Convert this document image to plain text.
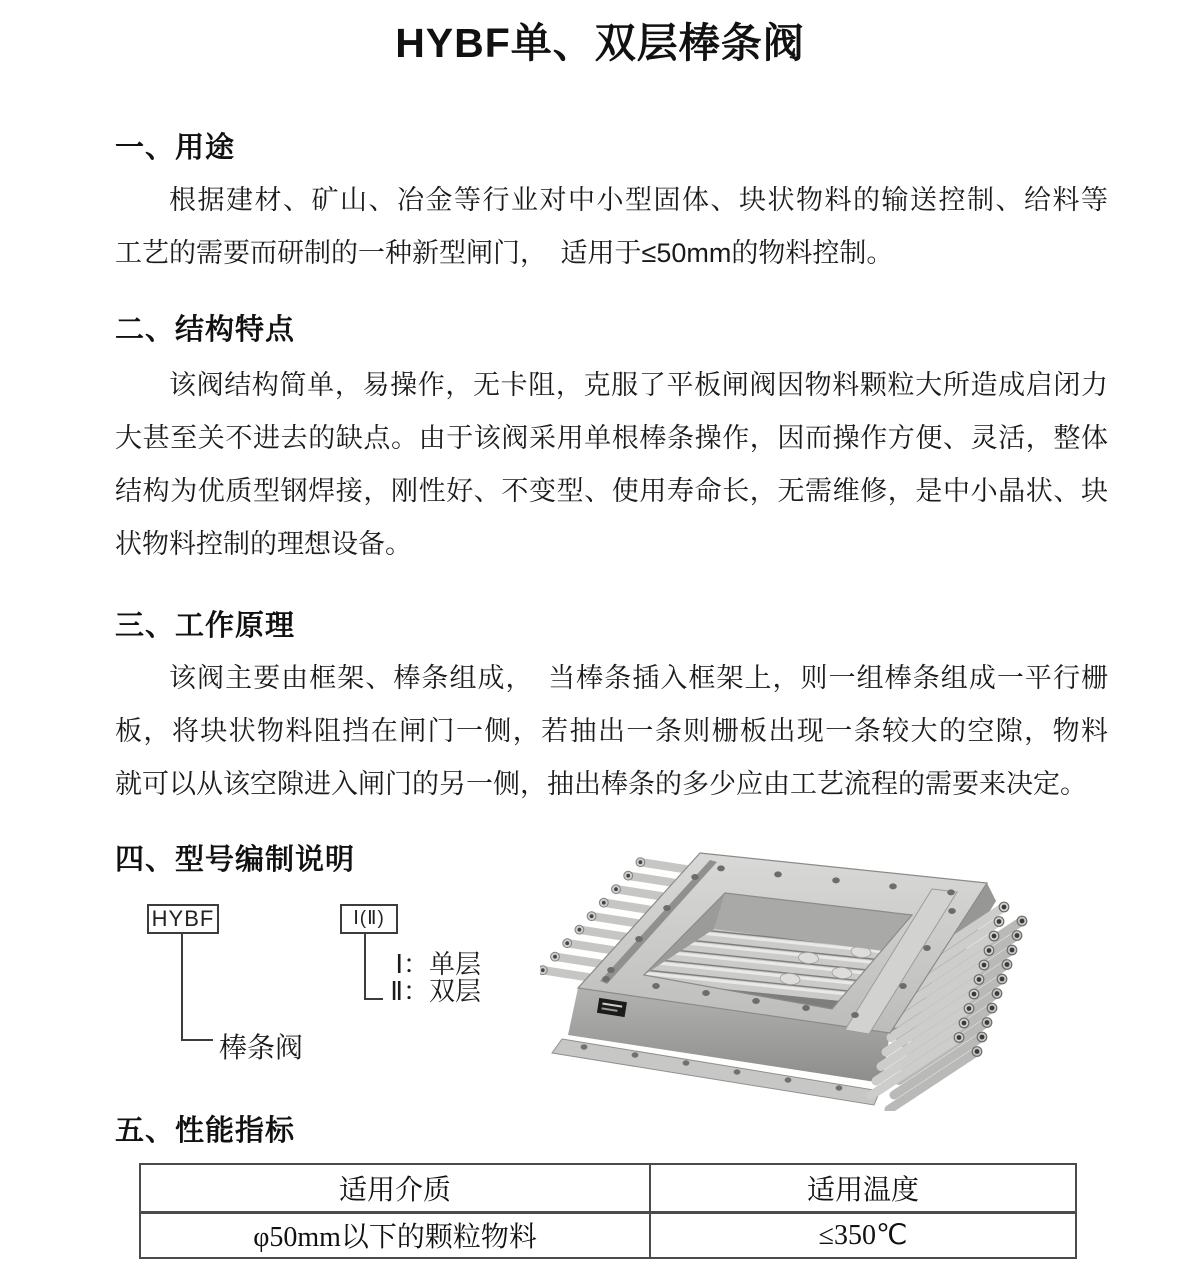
HYBF单、双层棒条阀
一、用途
根据建材、矿山、冶金等行业对中小型固体、块状物料的输送控制、给料等
工艺的需要而研制的一种新型闸门，　适用于≤50mm的物料控制。
二、结构特点
该阀结构简单，易操作，无卡阻，克服了平板闸阀因物料颗粒大所造成启闭力
大甚至关不进去的缺点。由于该阀采用单根棒条操作，因而操作方便、灵活，整体
结构为优质型钢焊接，刚性好、不变型、使用寿命长，无需维修，是中小晶状、块
状物料控制的理想设备。
三、工作原理
该阀主要由框架、棒条组成，　当棒条插入框架上，则一组棒条组成一平行栅
板，将块状物料阻挡在闸门一侧，若抽出一条则栅板出现一条较大的空隙，物料
就可以从该空隙进入闸门的另一侧，抽出棒条的多少应由工艺流程的需要来决定。
四、型号编制说明
HYBF
棒条阀
Ⅰ(Ⅱ)
Ⅰ：单层
Ⅱ：双层
五、性能指标
适用介质	适用温度
φ50mm以下的颗粒物料	≤350℃
